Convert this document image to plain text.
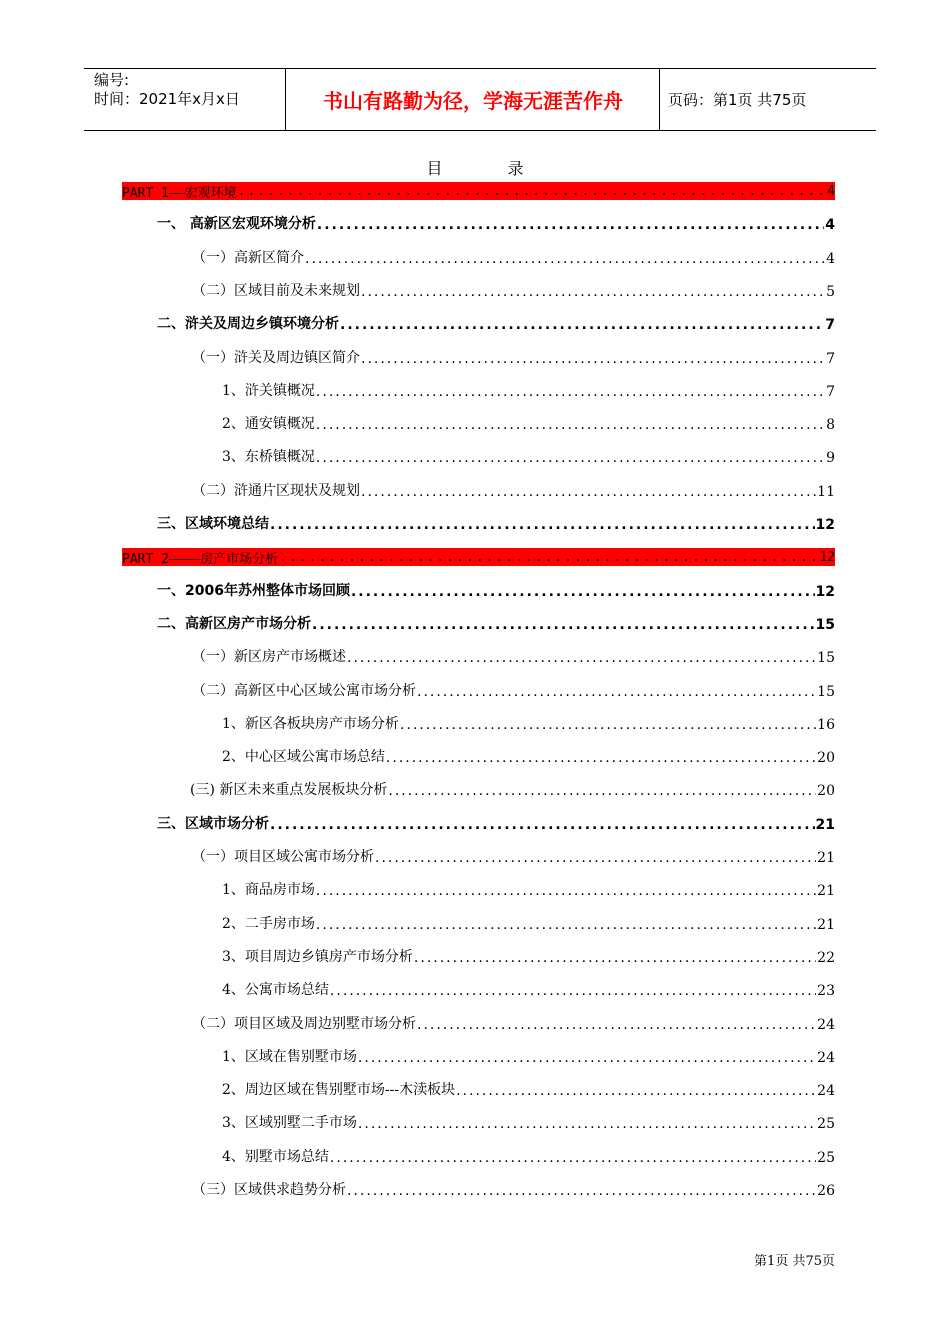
编号:
时间：2021年x月x日	书山有路勤为径，学海无涯苦作舟	页码：第1页 共75页
目 录
PART 1——宏观环境 .....	4
一、 高新区宏观环境分析 .....	4
（一）高新区简介 .....	4
（二）区域目前及未来规划 .....	5
二、浒关及周边乡镇环境分析 .....	7
（一）浒关及周边镇区简介 .....	7
1、浒关镇概况 .....	7
2、通安镇概况 .....	8
3、东桥镇概况 .....	9
（二）浒通片区现状及规划 .....	11
三、区域环境总结 .....	12
PART 2————房产市场分析 .....	12
一、2006年苏州整体市场回顾 .....	12
二、高新区房产市场分析 .....	15
（一）新区房产市场概述 .....	15
（二）高新区中心区域公寓市场分析 .....	15
1、新区各板块房产市场分析 .....	16
2、中心区域公寓市场总结 .....	20
(三) 新区未来重点发展板块分析 .....	20
三、区域市场分析 .....	21
（一）项目区域公寓市场分析 .....	21
1、商品房市场 .....	21
2、二手房市场 .....	21
3、项目周边乡镇房产市场分析 .....	22
4、公寓市场总结 .....	23
（二）项目区域及周边别墅市场分析 .....	24
1、区域在售别墅市场 .....	24
2、周边区域在售别墅市场---木渎板块 .....	24
3、区域别墅二手市场 .....	25
4、别墅市场总结 .....	25
（三）区域供求趋势分析 .....	26
第1页 共75页
